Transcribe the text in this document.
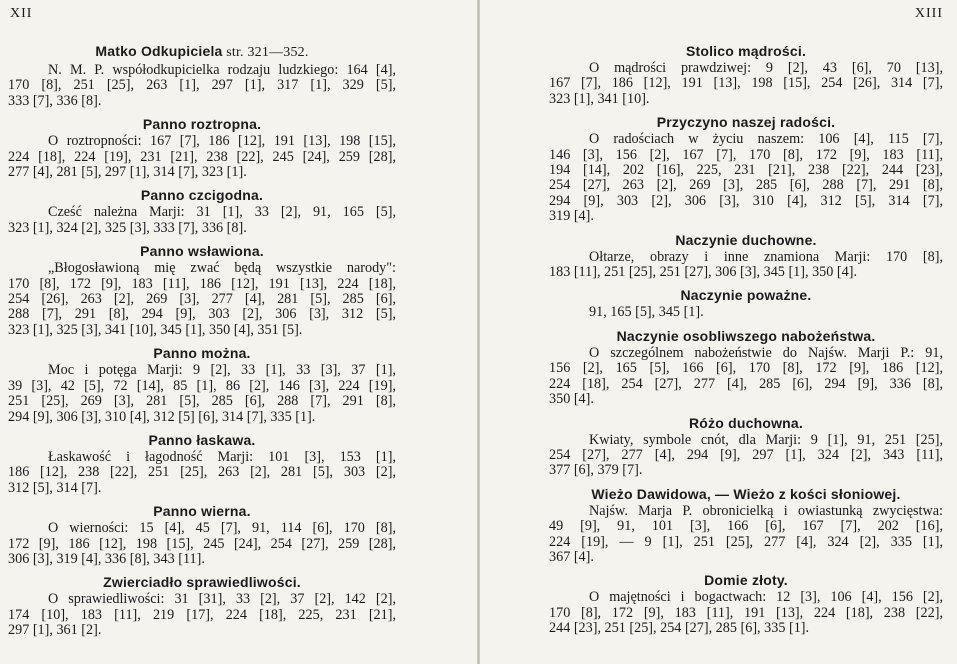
XII
Matko Odkupiciela str. 321—352.
N. M. P. współodkupicielka rodzaju ludzkiego: 164 [4],
170 [8], 251 [25], 263 [1], 297 [1], 317 [1], 329 [5],
333 [7], 336 [8].
Panno roztropna.
O roztropności: 167 [7], 186 [12], 191 [13], 198 [15],
224 [18], 224 [19], 231 [21], 238 [22], 245 [24], 259 [28],
277 [4], 281 [5], 297 [1], 314 [7], 323 [1].
Panno czcigodna.
Cześć należna Marji: 31 [1], 33 [2], 91, 165 [5],
323 [1], 324 [2], 325 [3], 333 [7], 336 [8].
Panno wsławiona.
„Błogosławioną mię zwać będą wszystkie narody":
170 [8], 172 [9], 183 [11], 186 [12], 191 [13], 224 [18],
254 [26], 263 [2], 269 [3], 277 [4], 281 [5], 285 [6],
288 [7], 291 [8], 294 [9], 303 [2], 306 [3], 312 [5],
323 [1], 325 [3], 341 [10], 345 [1], 350 [4], 351 [5].
Panno można.
Moc i potęga Marji: 9 [2], 33 [1], 33 [3], 37 [1],
39 [3], 42 [5], 72 [14], 85 [1], 86 [2], 146 [3], 224 [19],
251 [25], 269 [3], 281 [5], 285 [6], 288 [7], 291 [8],
294 [9], 306 [3], 310 [4], 312 [5] [6], 314 [7], 335 [1].
Panno łaskawa.
Łaskawość i łagodność Marji: 101 [3], 153 [1],
186 [12], 238 [22], 251 [25], 263 [2], 281 [5], 303 [2],
312 [5], 314 [7].
Panno wierna.
O wierności: 15 [4], 45 [7], 91, 114 [6], 170 [8],
172 [9], 186 [12], 198 [15], 245 [24], 254 [27], 259 [28],
306 [3], 319 [4], 336 [8], 343 [11].
Zwierciadło sprawiedliwości.
O sprawiedliwości: 31 [31], 33 [2], 37 [2], 142 [2],
174 [10], 183 [11], 219 [17], 224 [18], 225, 231 [21],
297 [1], 361 [2].
XIII
Stolico mądrości.
O mądrości prawdziwej: 9 [2], 43 [6], 70 [13],
167 [7], 186 [12], 191 [13], 198 [15], 254 [26], 314 [7],
323 [1], 341 [10].
Przyczyno naszej radości.
O radościach w życiu naszem: 106 [4], 115 [7],
146 [3], 156 [2], 167 [7], 170 [8], 172 [9], 183 [11],
194 [14], 202 [16], 225, 231 [21], 238 [22], 244 [23],
254 [27], 263 [2], 269 [3], 285 [6], 288 [7], 291 [8],
294 [9], 303 [2], 306 [3], 310 [4], 312 [5], 314 [7],
319 [4].
Naczynie duchowne.
Ołtarze, obrazy i inne znamiona Marji: 170 [8],
183 [11], 251 [25], 251 [27], 306 [3], 345 [1], 350 [4].
Naczynie poważne.
91, 165 [5], 345 [1].
Naczynie osobliwszego nabożeństwa.
O szczególnem nabożeństwie do Najśw. Marji P.: 91,
156 [2], 165 [5], 166 [6], 170 [8], 172 [9], 186 [12],
224 [18], 254 [27], 277 [4], 285 [6], 294 [9], 336 [8],
350 [4].
Różo duchowna.
Kwiaty, symbole cnót, dla Marji: 9 [1], 91, 251 [25],
254 [27], 277 [4], 294 [9], 297 [1], 324 [2], 343 [11],
377 [6], 379 [7].
Wieżo Dawidowa, — Wieżo z kości słoniowej.
Najśw. Marja P. obronicielką i owiastunką zwycięstwa:
49 [9], 91, 101 [3], 166 [6], 167 [7], 202 [16],
224 [19], — 9 [1], 251 [25], 277 [4], 324 [2], 335 [1],
367 [4].
Domie złoty.
O majętności i bogactwach: 12 [3], 106 [4], 156 [2],
170 [8], 172 [9], 183 [11], 191 [13], 224 [18], 238 [22],
244 [23], 251 [25], 254 [27], 285 [6], 335 [1].
